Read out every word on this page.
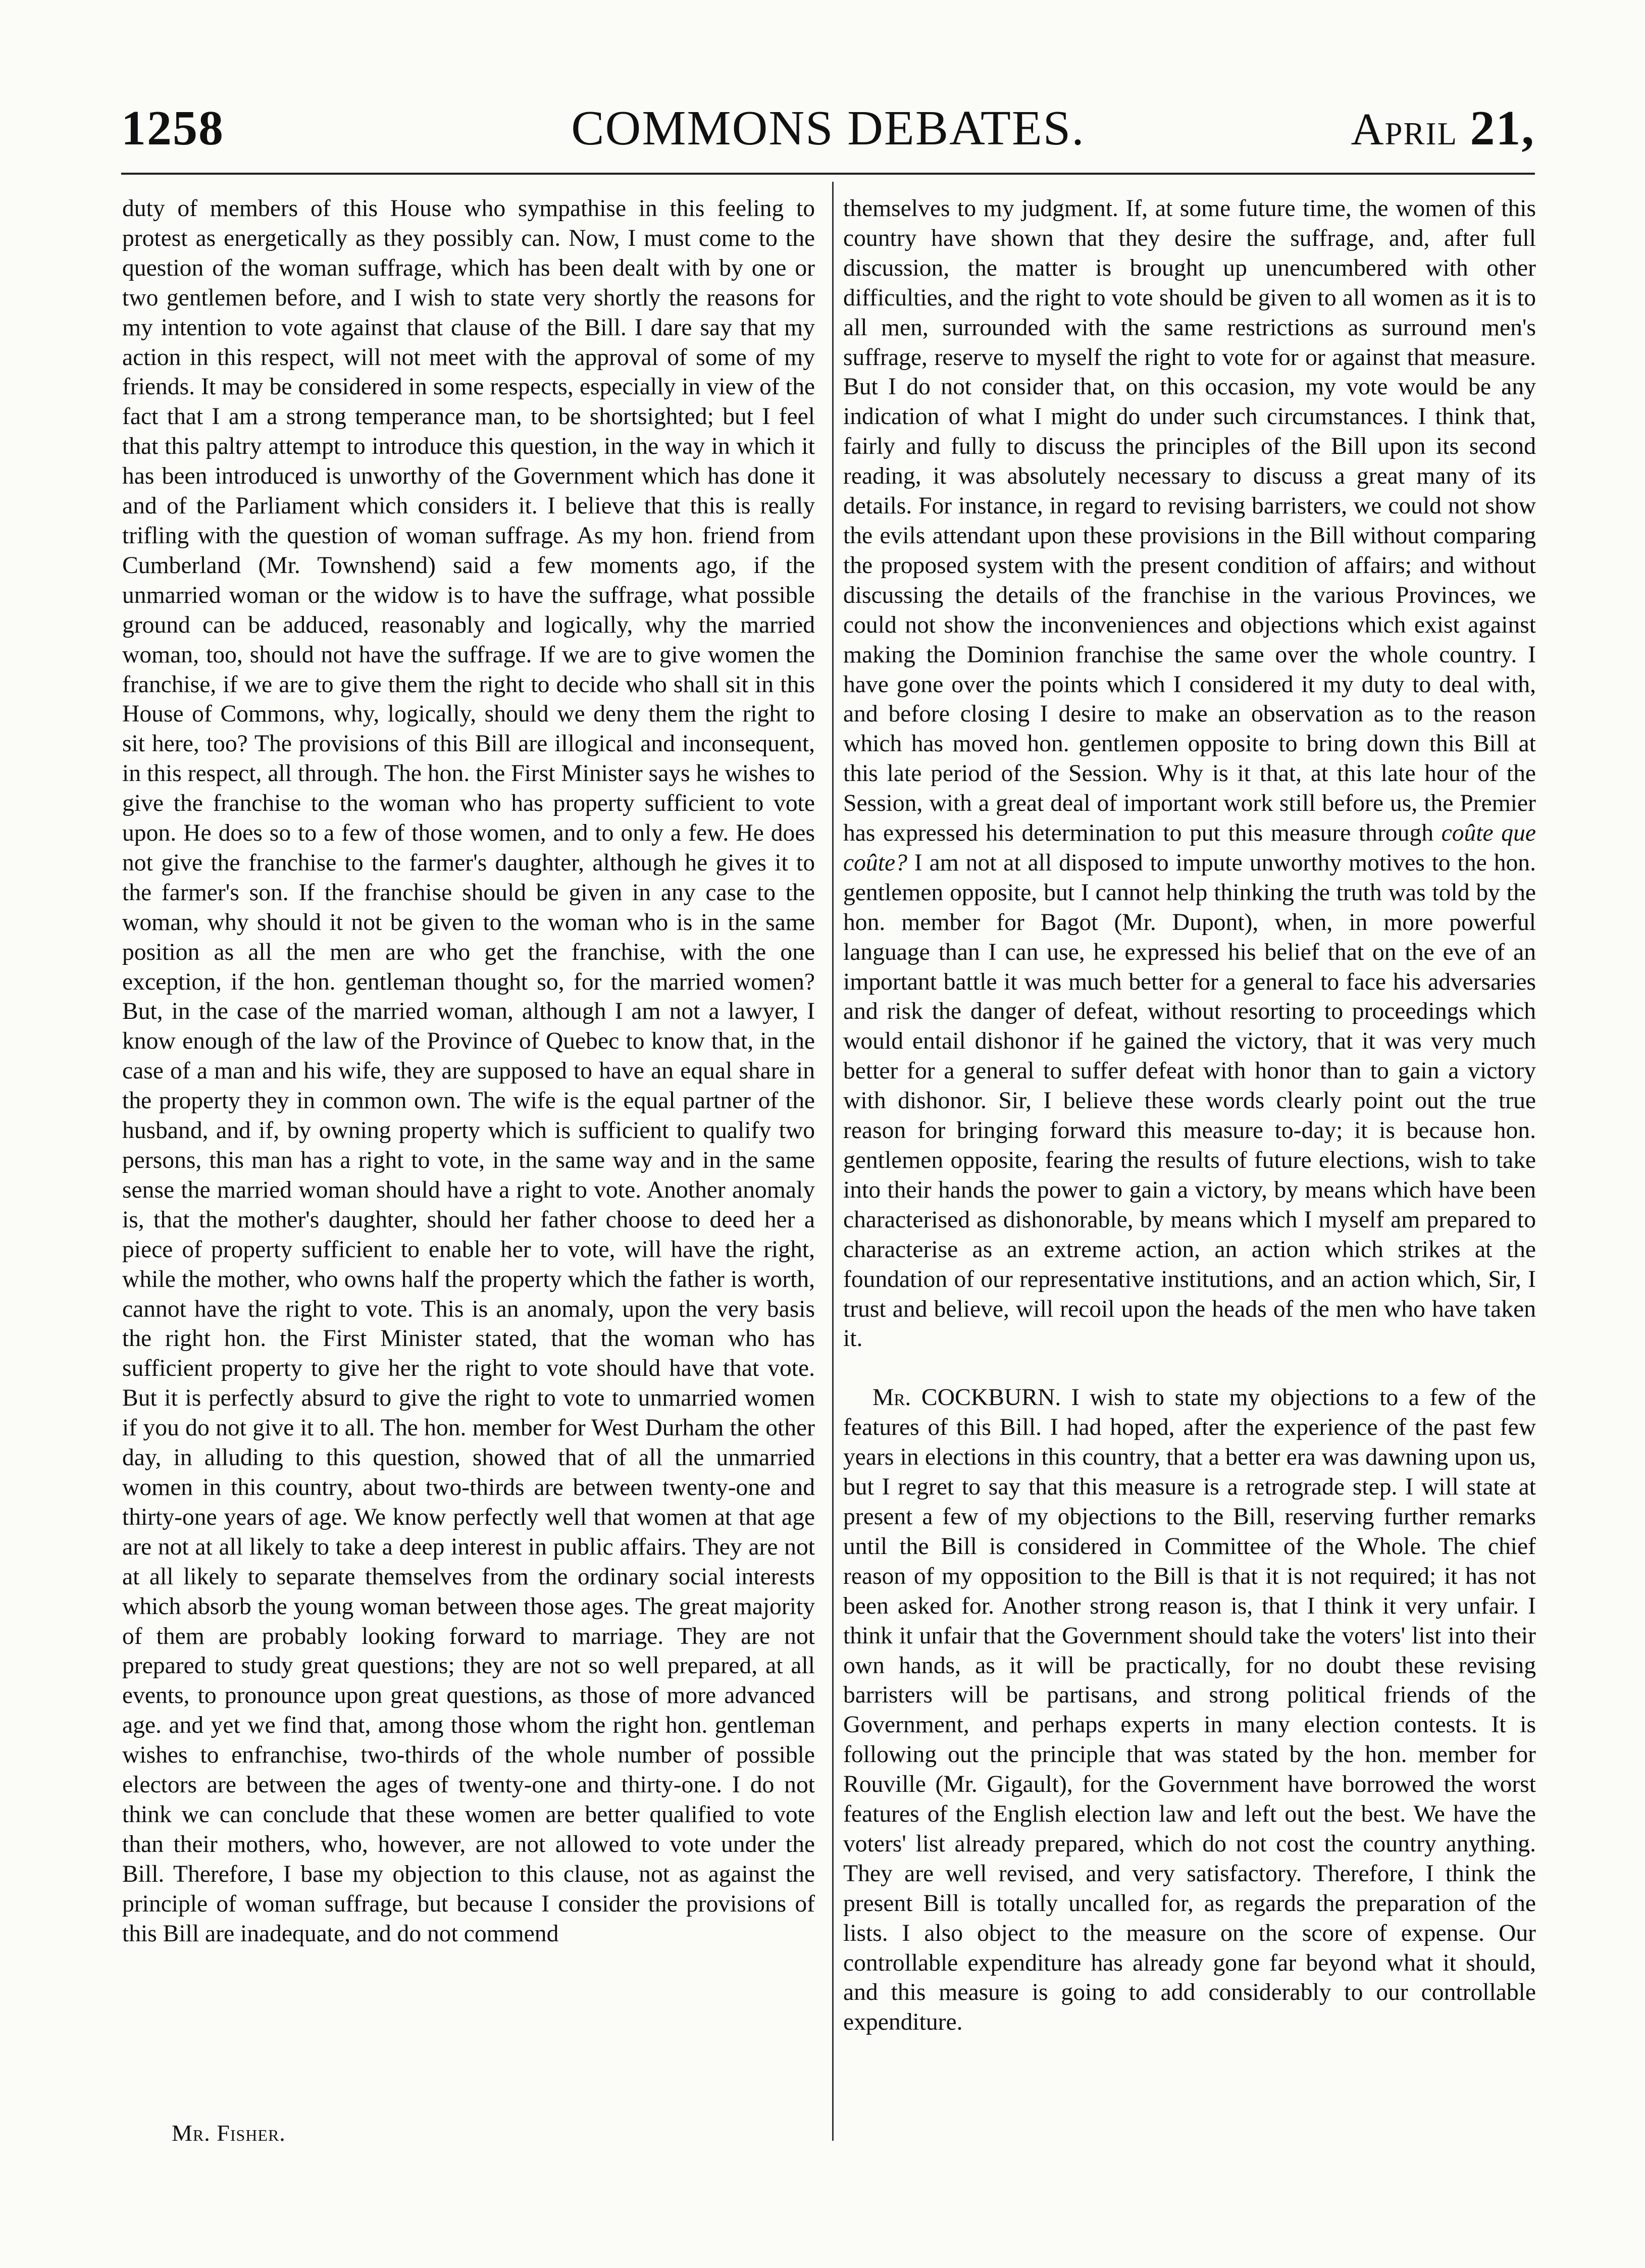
1258	COMMONS DEBATES.	April 21,

duty of members of this House who sympathise in this feeling to protest as energetically as they possibly can. Now, I must come to the question of the woman suffrage, which has been dealt with by one or two gentlemen before, and I wish to state very shortly the reasons for my intention to vote against that clause of the Bill. I dare say that my action in this respect, will not meet with the approval of some of my friends. It may be considered in some respects, especially in view of the fact that I am a strong temperance man, to be shortsighted; but I feel that this paltry attempt to introduce this question, in the way in which it has been introduced is unworthy of the Government which has done it and of the Parliament which considers it. I believe that this is really trifling with the question of woman suffrage. As my hon. friend from Cumberland (Mr. Townshend) said a few moments ago, if the unmarried woman or the widow is to have the suffrage, what possible ground can be adduced, reasonably and logically, why the married woman, too, should not have the suffrage. If we are to give women the franchise, if we are to give them the right to decide who shall sit in this House of Commons, why, logically, should we deny them the right to sit here, too? The provisions of this Bill are illogical and inconsequent, in this respect, all through. The hon. the First Minister says he wishes to give the franchise to the woman who has property sufficient to vote upon. He does so to a few of those women, and to only a few. He does not give the franchise to the farmer's daughter, although he gives it to the farmer's son. If the franchise should be given in any case to the woman, why should it not be given to the woman who is in the same position as all the men are who get the franchise, with the one exception, if the hon. gentleman thought so, for the married women? But, in the case of the married woman, although I am not a lawyer, I know enough of the law of the Province of Quebec to know that, in the case of a man and his wife, they are supposed to have an equal share in the property they in common own. The wife is the equal partner of the husband, and if, by owning property which is sufficient to qualify two persons, this man has a right to vote, in the same way and in the same sense the married woman should have a right to vote. Another anomaly is, that the mother's daughter, should her father choose to deed her a piece of property sufficient to enable her to vote, will have the right, while the mother, who owns half the property which the father is worth, cannot have the right to vote. This is an anomaly, upon the very basis the right hon. the First Minister stated, that the woman who has sufficient property to give her the right to vote should have that vote. But it is perfectly absurd to give the right to vote to unmarried women if you do not give it to all. The hon. member for West Durham the other day, in alluding to this question, showed that of all the unmarried women in this country, about two-thirds are between twenty-one and thirty-one years of age. We know perfectly well that women at that age are not at all likely to take a deep interest in public affairs. They are not at all likely to separate themselves from the ordinary social interests which absorb the young woman between those ages. The great majority of them are probably looking forward to marriage. They are not prepared to study great questions; they are not so well prepared, at all events, to pronounce upon great questions, as those of more advanced age. and yet we find that, among those whom the right hon. gentleman wishes to enfranchise, two-thirds of the whole number of possible electors are between the ages of twenty-one and thirty-one. I do not think we can conclude that these women are better qualified to vote than their mothers, who, however, are not allowed to vote under the Bill. Therefore, I base my objection to this clause, not as against the principle of woman suffrage, but because I consider the provisions of this Bill are inadequate, and do not commend

themselves to my judgment. If, at some future time, the women of this country have shown that they desire the suffrage, and, after full discussion, the matter is brought up unencumbered with other difficulties, and the right to vote should be given to all women as it is to all men, surrounded with the same restrictions as surround men's suffrage, reserve to myself the right to vote for or against that measure. But I do not consider that, on this occasion, my vote would be any indication of what I might do under such circumstances. I think that, fairly and fully to discuss the principles of the Bill upon its second reading, it was absolutely necessary to discuss a great many of its details. For instance, in regard to revising barristers, we could not show the evils attendant upon these provisions in the Bill without comparing the proposed system with the present condition of affairs; and without discussing the details of the franchise in the various Provinces, we could not show the inconveniences and objections which exist against making the Dominion franchise the same over the whole country. I have gone over the points which I considered it my duty to deal with, and before closing I desire to make an observation as to the reason which has moved hon. gentlemen opposite to bring down this Bill at this late period of the Session. Why is it that, at this late hour of the Session, with a great deal of important work still before us, the Premier has expressed his determination to put this measure through coûte que coûte? I am not at all disposed to impute unworthy motives to the hon. gentlemen opposite, but I cannot help thinking the truth was told by the hon. member for Bagot (Mr. Dupont), when, in more powerful language than I can use, he expressed his belief that on the eve of an important battle it was much better for a general to face his adversaries and risk the danger of defeat, without resorting to proceedings which would entail dishonor if he gained the victory, that it was very much better for a general to suffer defeat with honor than to gain a victory with dishonor. Sir, I believe these words clearly point out the true reason for bringing forward this measure to-day; it is because hon. gentlemen opposite, fearing the results of future elections, wish to take into their hands the power to gain a victory, by means which have been characterised as dishonorable, by means which I myself am prepared to characterise as an extreme action, an action which strikes at the foundation of our representative institutions, and an action which, Sir, I trust and believe, will recoil upon the heads of the men who have taken it.

Mr. COCKBURN. I wish to state my objections to a few of the features of this Bill. I had hoped, after the experience of the past few years in elections in this country, that a better era was dawning upon us, but I regret to say that this measure is a retrograde step. I will state at present a few of my objections to the Bill, reserving further remarks until the Bill is considered in Committee of the Whole. The chief reason of my opposition to the Bill is that it is not required; it has not been asked for. Another strong reason is, that I think it very unfair. I think it unfair that the Government should take the voters' list into their own hands, as it will be practically, for no doubt these revising barristers will be partisans, and strong political friends of the Government, and perhaps experts in many election contests. It is following out the principle that was stated by the hon. member for Rouville (Mr. Gigault), for the Government have borrowed the worst features of the English election law and left out the best. We have the voters' list already prepared, which do not cost the country anything. They are well revised, and very satisfactory. Therefore, I think the present Bill is totally uncalled for, as regards the preparation of the lists. I also object to the measure on the score of expense. Our controllable expenditure has already gone far beyond what it should, and this measure is going to add considerably to our controllable expenditure.

Mr. Fisher.
